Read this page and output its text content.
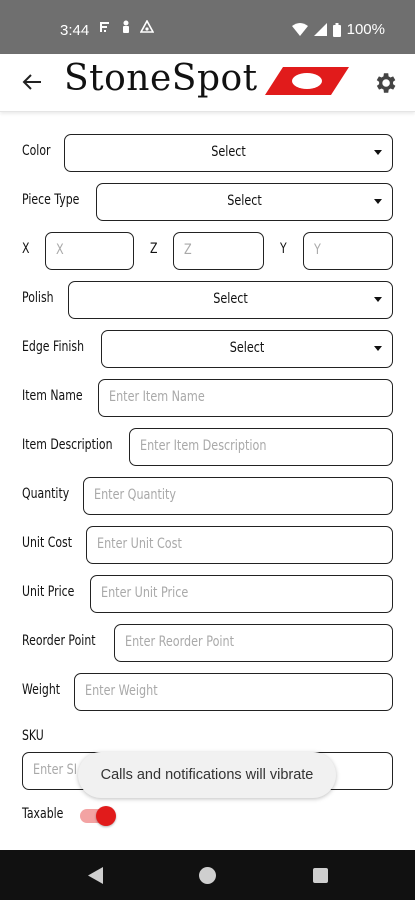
3:44	100%
StoneSpot
Color	Select
Piece Type	Select
X X	Z Z	Y Y
Polish	Select
Edge Finish	Select
Item Name Enter Item Name
Item Description Enter Item Description
Quantity Enter Quantity
Unit Cost Enter Unit Cost
Unit Price Enter Unit Price
Reorder Point Enter Reorder Point
Weight Enter Weight
SKU
Enter SI
Taxable
Calls and notifications will vibrate
